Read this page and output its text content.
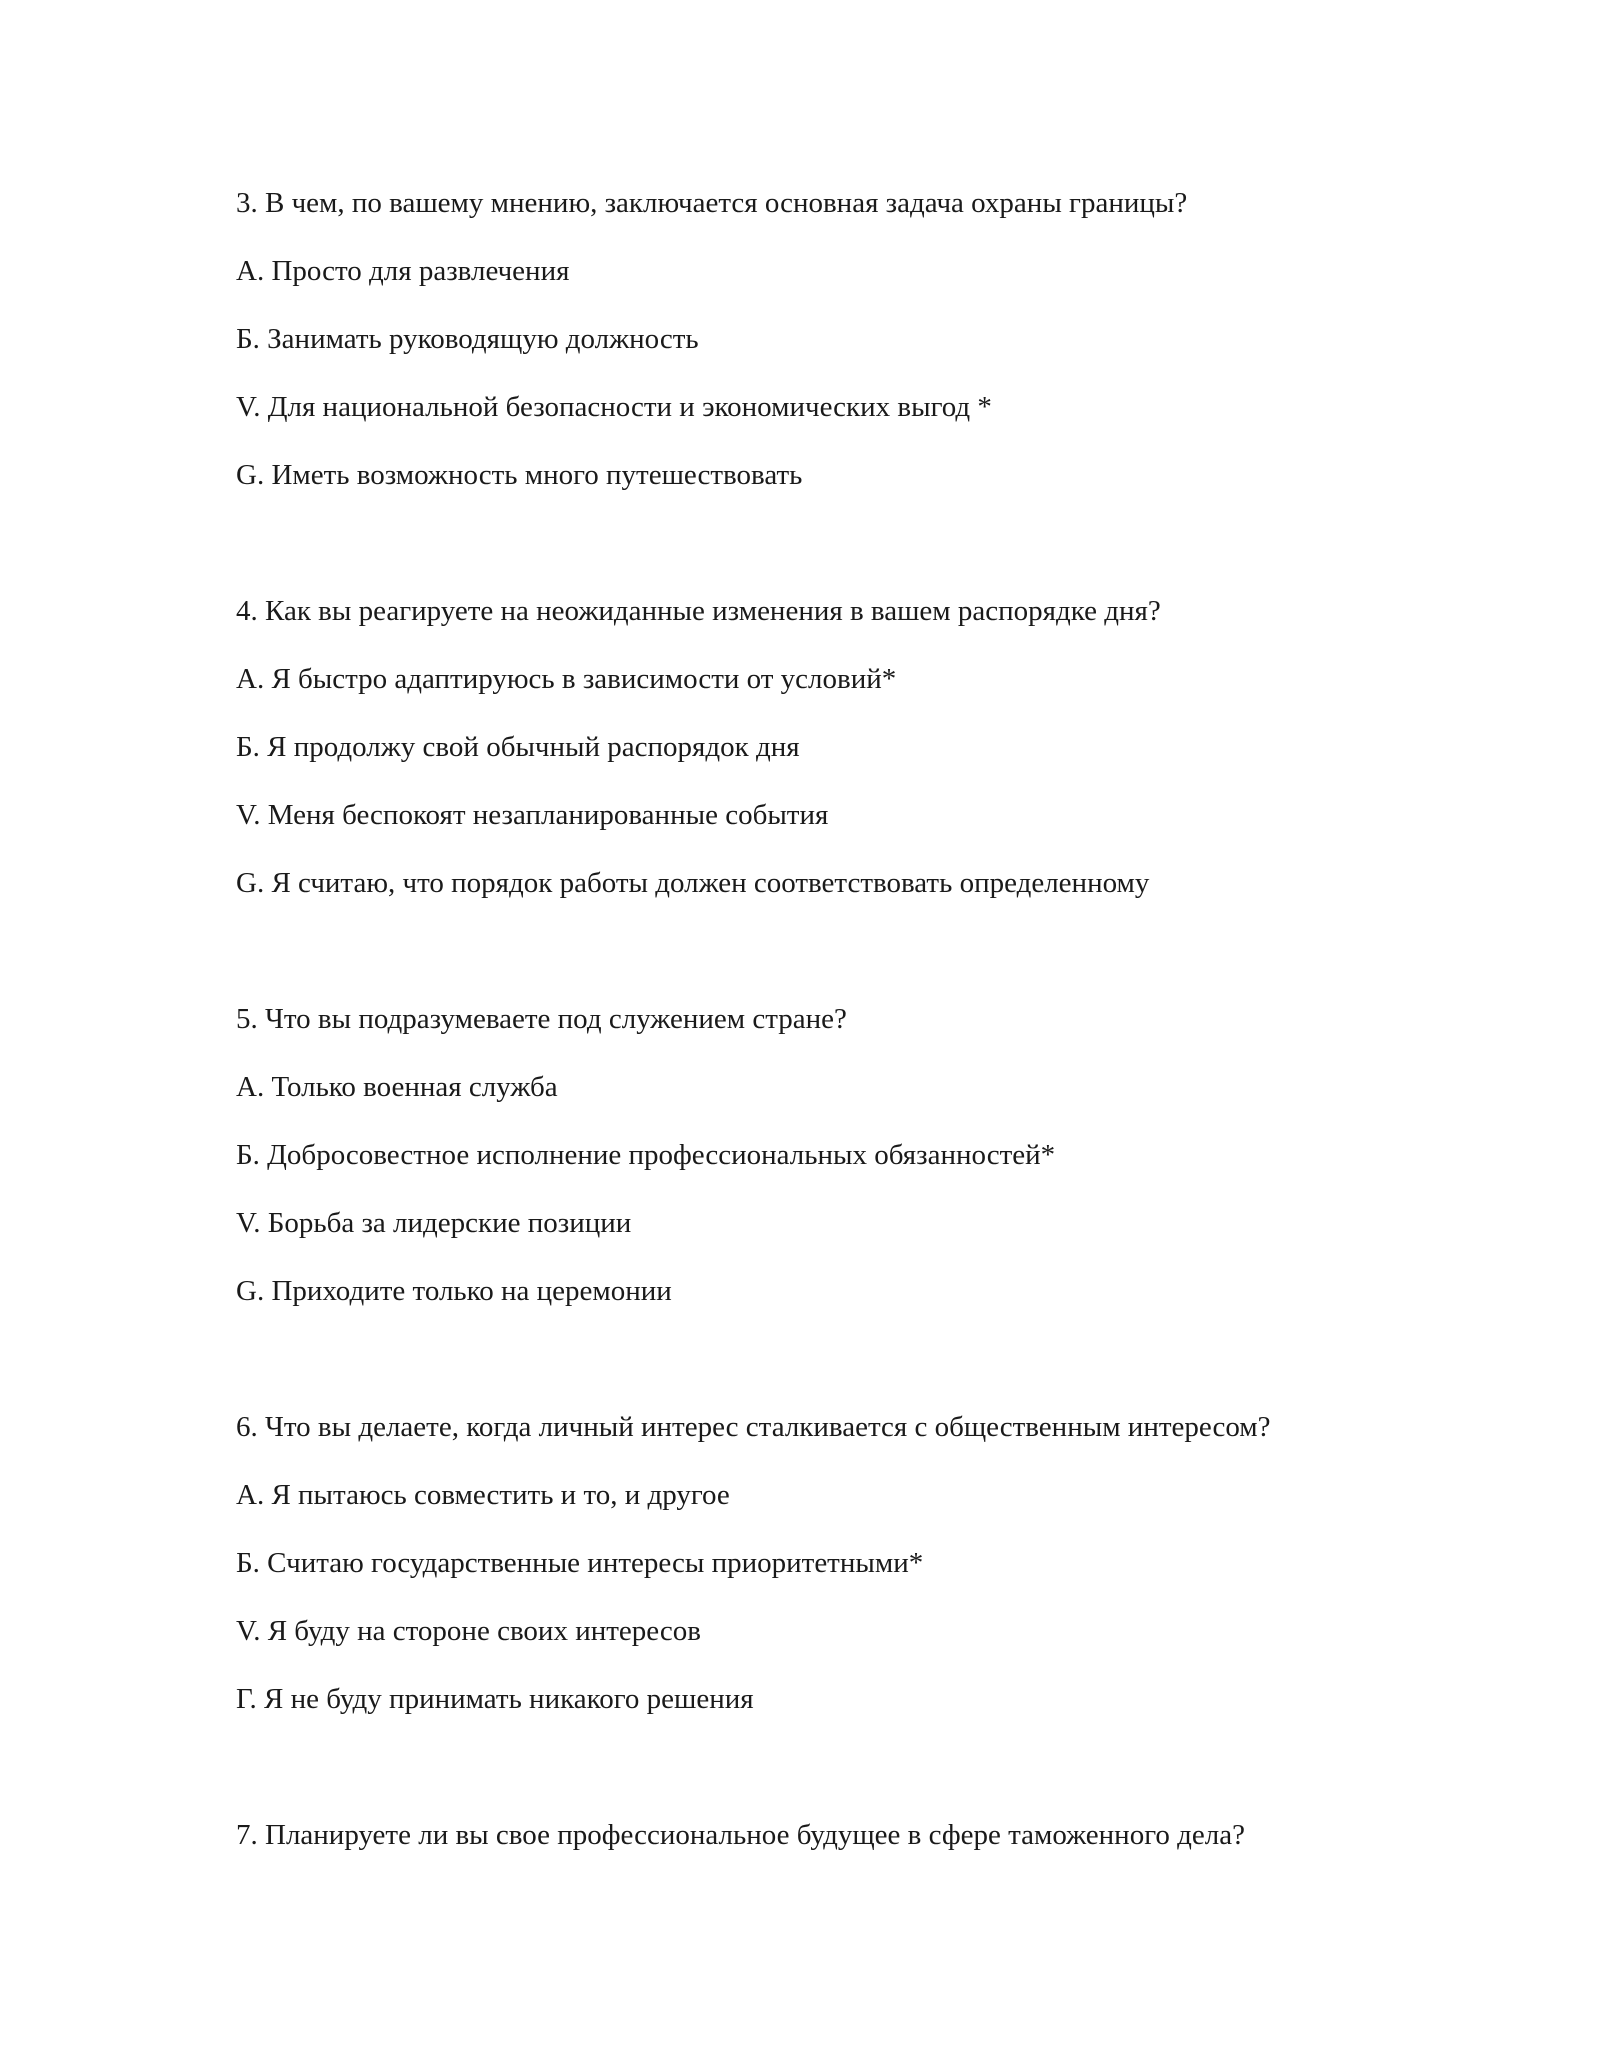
3. В чем, по вашему мнению, заключается основная задача охраны границы?
A. Просто для развлечения
Б. Занимать руководящую должность
V. Для национальной безопасности и экономических выгод *
G. Иметь возможность много путешествовать
4. Как вы реагируете на неожиданные изменения в вашем распорядке дня?
A. Я быстро адаптируюсь в зависимости от условий*
Б. Я продолжу свой обычный распорядок дня
V. Меня беспокоят незапланированные события
G. Я считаю, что порядок работы должен соответствовать определенному
5. Что вы подразумеваете под служением стране?
A. Только военная служба
Б. Добросовестное исполнение профессиональных обязанностей*
V. Борьба за лидерские позиции
G. Приходите только на церемонии
6. Что вы делаете, когда личный интерес сталкивается с общественным интересом?
A. Я пытаюсь совместить и то, и другое
Б. Считаю государственные интересы приоритетными*
V. Я буду на стороне своих интересов
Г. Я не буду принимать никакого решения
7. Планируете ли вы свое профессиональное будущее в сфере таможенного дела?
